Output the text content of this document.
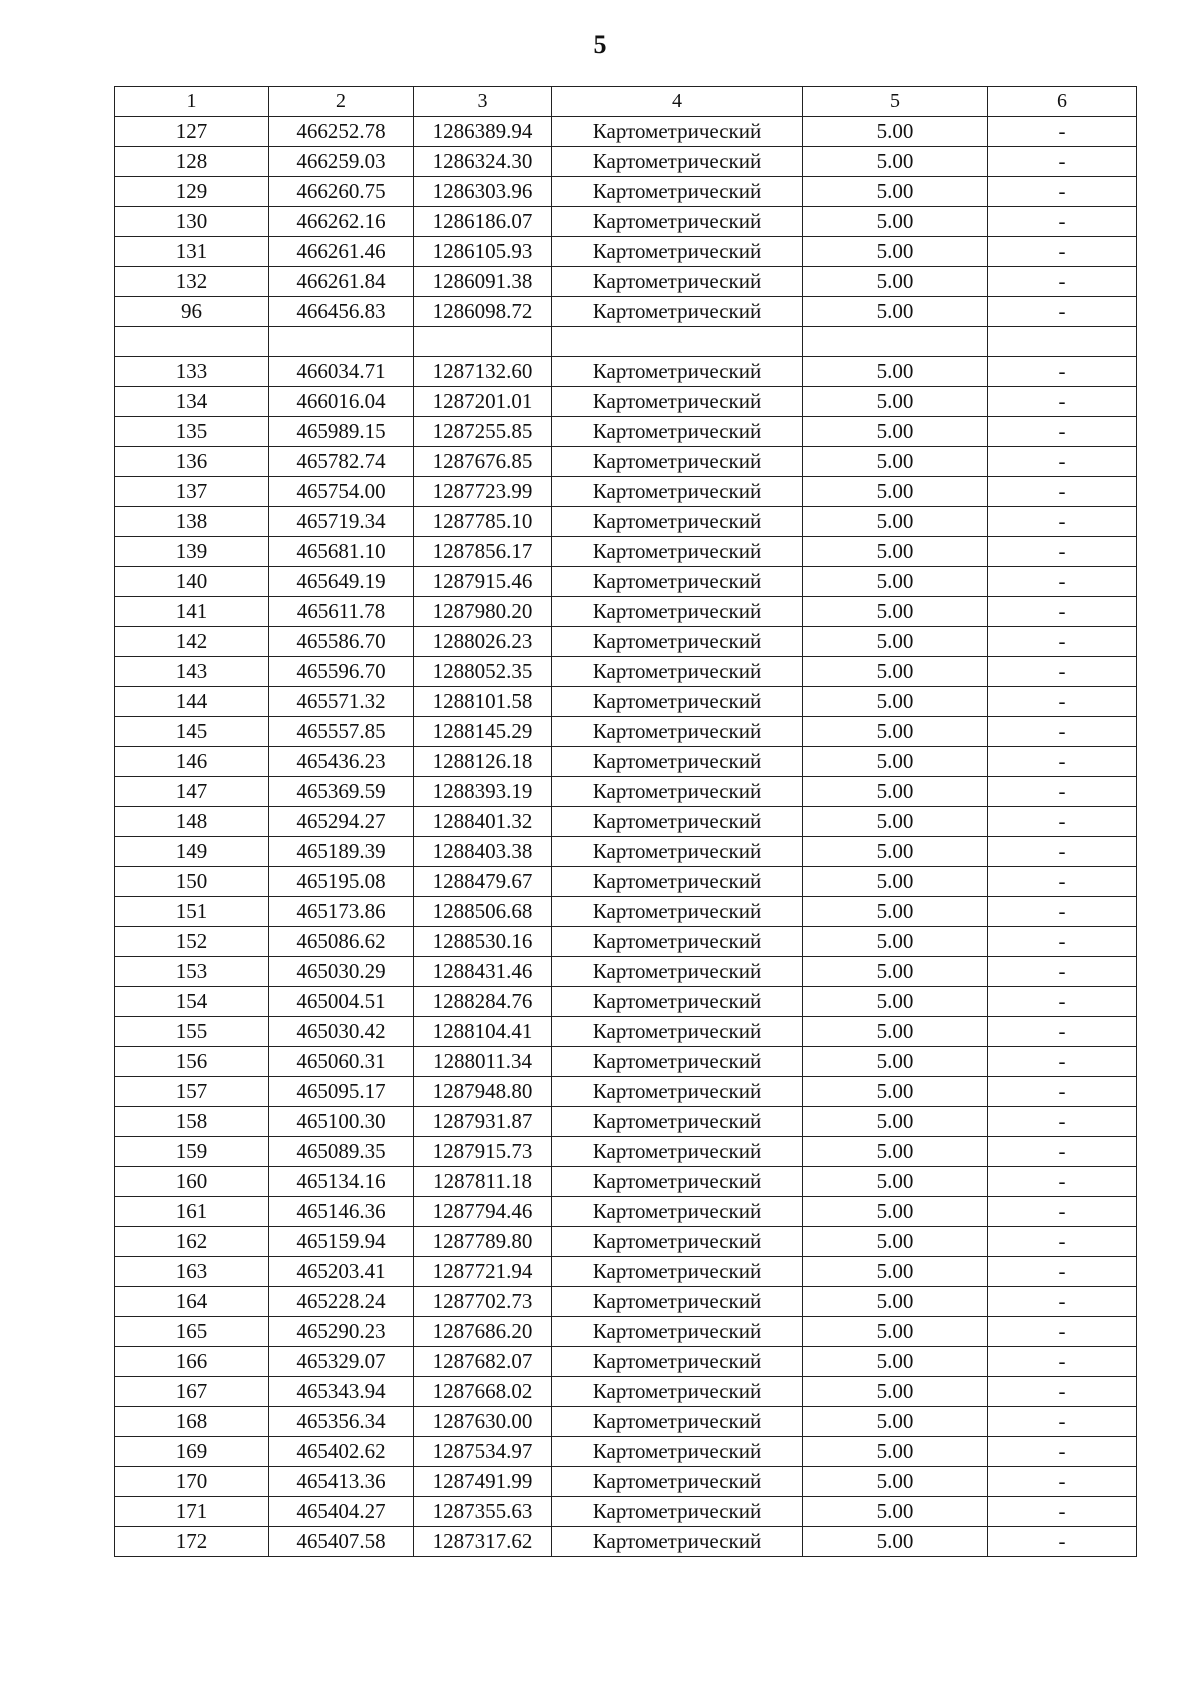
5
1	2	3	4	5	6
127	466252.78	1286389.94	Картометрический	5.00	-
128	466259.03	1286324.30	Картометрический	5.00	-
129	466260.75	1286303.96	Картометрический	5.00	-
130	466262.16	1286186.07	Картометрический	5.00	-
131	466261.46	1286105.93	Картометрический	5.00	-
132	466261.84	1286091.38	Картометрический	5.00	-
96	466456.83	1286098.72	Картометрический	5.00	-

133	466034.71	1287132.60	Картометрический	5.00	-
134	466016.04	1287201.01	Картометрический	5.00	-
135	465989.15	1287255.85	Картометрический	5.00	-
136	465782.74	1287676.85	Картометрический	5.00	-
137	465754.00	1287723.99	Картометрический	5.00	-
138	465719.34	1287785.10	Картометрический	5.00	-
139	465681.10	1287856.17	Картометрический	5.00	-
140	465649.19	1287915.46	Картометрический	5.00	-
141	465611.78	1287980.20	Картометрический	5.00	-
142	465586.70	1288026.23	Картометрический	5.00	-
143	465596.70	1288052.35	Картометрический	5.00	-
144	465571.32	1288101.58	Картометрический	5.00	-
145	465557.85	1288145.29	Картометрический	5.00	-
146	465436.23	1288126.18	Картометрический	5.00	-
147	465369.59	1288393.19	Картометрический	5.00	-
148	465294.27	1288401.32	Картометрический	5.00	-
149	465189.39	1288403.38	Картометрический	5.00	-
150	465195.08	1288479.67	Картометрический	5.00	-
151	465173.86	1288506.68	Картометрический	5.00	-
152	465086.62	1288530.16	Картометрический	5.00	-
153	465030.29	1288431.46	Картометрический	5.00	-
154	465004.51	1288284.76	Картометрический	5.00	-
155	465030.42	1288104.41	Картометрический	5.00	-
156	465060.31	1288011.34	Картометрический	5.00	-
157	465095.17	1287948.80	Картометрический	5.00	-
158	465100.30	1287931.87	Картометрический	5.00	-
159	465089.35	1287915.73	Картометрический	5.00	-
160	465134.16	1287811.18	Картометрический	5.00	-
161	465146.36	1287794.46	Картометрический	5.00	-
162	465159.94	1287789.80	Картометрический	5.00	-
163	465203.41	1287721.94	Картометрический	5.00	-
164	465228.24	1287702.73	Картометрический	5.00	-
165	465290.23	1287686.20	Картометрический	5.00	-
166	465329.07	1287682.07	Картометрический	5.00	-
167	465343.94	1287668.02	Картометрический	5.00	-
168	465356.34	1287630.00	Картометрический	5.00	-
169	465402.62	1287534.97	Картометрический	5.00	-
170	465413.36	1287491.99	Картометрический	5.00	-
171	465404.27	1287355.63	Картометрический	5.00	-
172	465407.58	1287317.62	Картометрический	5.00	-
